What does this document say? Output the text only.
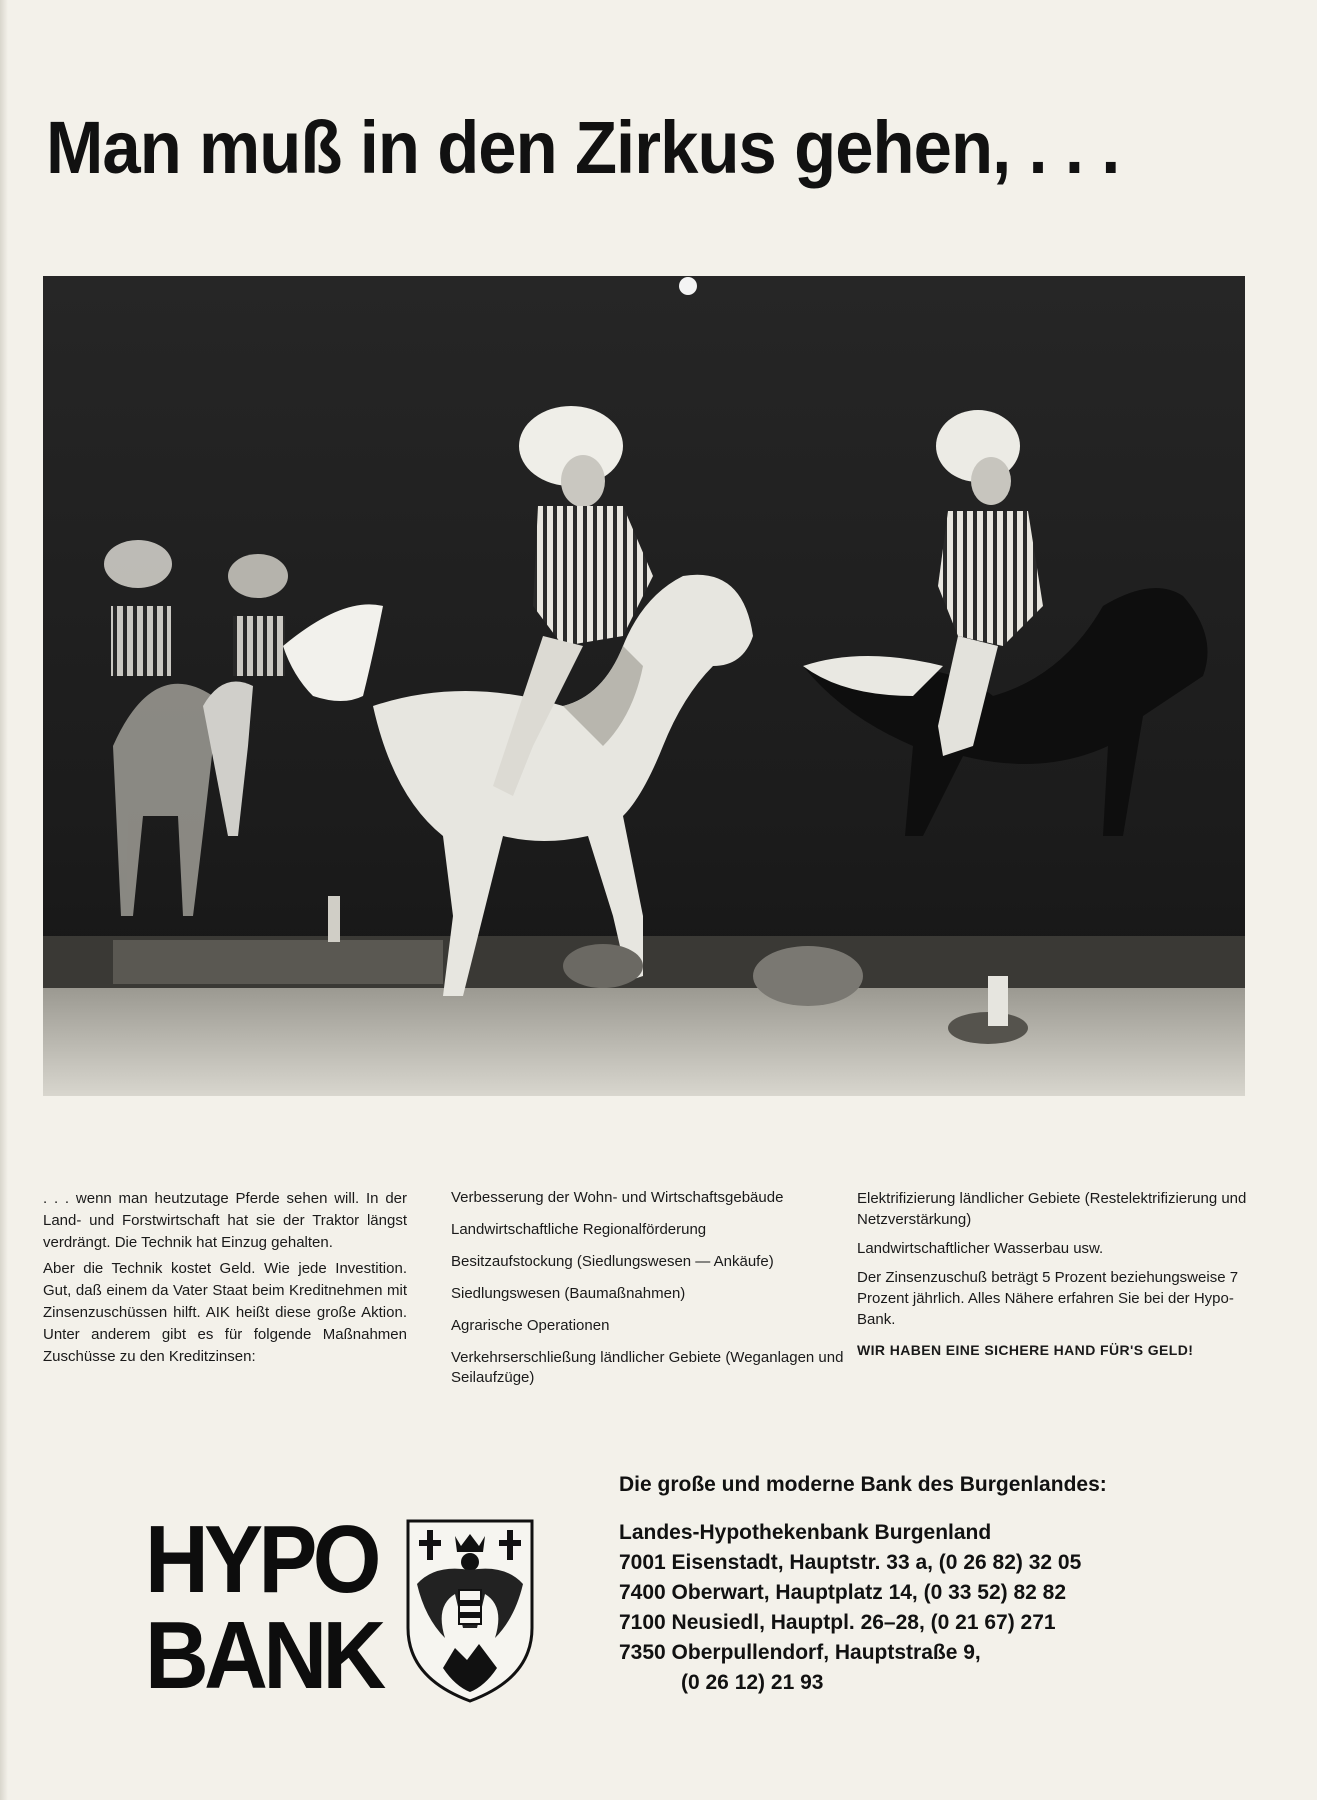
Man muß in den Zirkus gehen, . . .

. . . wenn man heutzutage Pferde sehen will. In der Land- und Forstwirtschaft hat sie der Traktor längst verdrängt. Die Technik hat Einzug gehalten.

Aber die Technik kostet Geld. Wie jede Investition. Gut, daß einem da Vater Staat beim Kreditnehmen mit Zinsenzuschüssen hilft. AIK heißt diese große Aktion. Unter anderem gibt es für folgende Maßnahmen Zuschüsse zu den Kreditzinsen:

Verbesserung der Wohn- und Wirtschaftsgebäude
Landwirtschaftliche Regionalförderung
Besitzaufstockung (Siedlungswesen — Ankäufe)
Siedlungswesen (Baumaßnahmen)
Agrarische Operationen
Verkehrserschließung ländlicher Gebiete (Weganlagen und Seilaufzüge)
Elektrifizierung ländlicher Gebiete (Restelektrifizierung und Netzverstärkung)
Landwirtschaftlicher Wasserbau usw.
Der Zinsenzuschuß beträgt 5 Prozent beziehungsweise 7 Prozent jährlich. Alles Nähere erfahren Sie bei der Hypo-Bank.
WIR HABEN EINE SICHERE HAND FÜR'S GELD!
HYPO
BANK
Die große und moderne Bank des Burgenlandes:
Landes-Hypothekenbank Burgenland
7001 Eisenstadt, Hauptstr. 33 a, (0 26 82) 32 05
7400 Oberwart, Hauptplatz 14, (0 33 52) 82 82
7100 Neusiedl, Hauptpl. 26–28, (0 21 67) 271
7350 Oberpullendorf, Hauptstraße 9,
(0 26 12) 21 93
